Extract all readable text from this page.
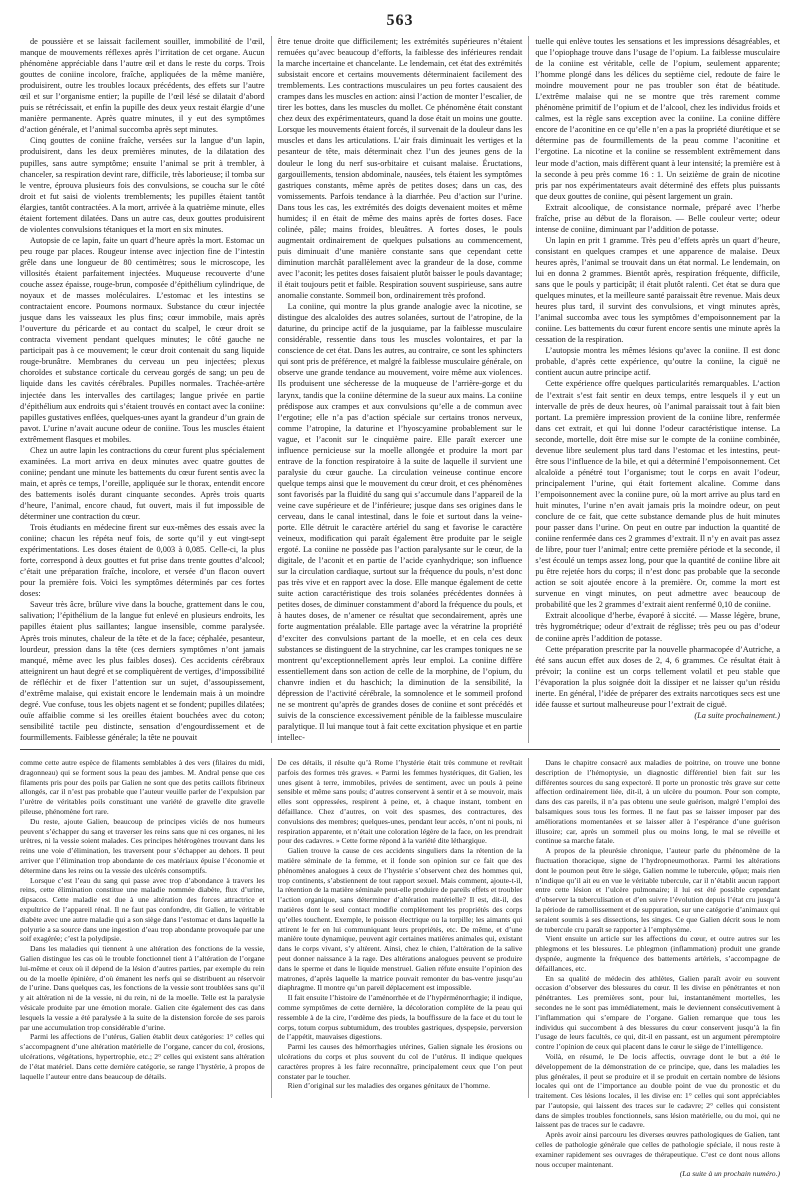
563

de poussière et se laissait facilement souiller, immobilité de l’œil, manque de mouvements réflexes après l’irritation de cet organe. Aucun phénomène appréciable dans l’autre œil et dans le reste du corps. Trois gouttes de coniine incolore, fraîche, appliquées de la même manière, produisirent, outre les troubles locaux précédents, des effets sur l’autre œil et sur l’organisme entier; la pupille de l’œil lésé se dilatait d’abord puis se rétrécissait, et enfin la pupille des deux yeux restait élargie d’une manière permanente. Après quatre minutes, il y eut des symptômes d’action générale, et l’animal succomba après sept minutes.

Cinq gouttes de coniine fraîche, versées sur la langue d’un lapin, produisirent, dans les deux premières minutes, de la dilatation des pupilles, sans autre symptôme; ensuite l’animal se prit à trembler, à chanceler, sa respiration devint rare, difficile, très laborieuse; il tomba sur le ventre, éprouva plusieurs fois des convulsions, se coucha sur le côté droit et fut saisi de violents tremblements; les pupilles étaient tantôt élargies, tantôt contractées. A la mort, arrivée à la quatrième minute, elles étaient fortement dilatées. Dans un autre cas, deux gouttes produisirent de violentes convulsions tétaniques et la mort en six minutes.

Autopsie de ce lapin, faite un quart d’heure après la mort. Estomac un peu rouge par places. Rougeur intense avec injection fine de l’intestin grêle dans une longueur de 80 centimètres; sous le microscope, les villosités étaient parfaitement injectées. Muqueuse recouverte d’une couche assez épaisse, rouge-brun, composée d’épithélium cylindrique, de noyaux et de masses moléculaires. L’estomac et les intestins se contractaient encore. Poumons normaux. Substance du cœur injectée jusque dans les vaisseaux les plus fins; cœur immobile, mais après l’ouverture du péricarde et au contact du scalpel, le cœur droit se contracta vivement pendant quelques minutes; le côté gauche ne participait pas à ce mouvement; le cœur droit contenait du sang liquide rouge-brunâtre. Membranes du cerveau un peu injectées; plexus choroïdes et substance corticale du cerveau gorgés de sang; un peu de liquide dans les cavités cérébrales. Pupilles normales. Trachée-artère injectée dans les intervalles des cartilages; langue privée en partie d’épithélium aux endroits qui s’étaient trouvés en contact avec la coniine: papilles gustatives enflées, quelques-unes ayant la grandeur d’un grain de pavot. L’urine n’avait aucune odeur de coniine. Tous les muscles étaient extrêmement flasques et mobiles.

Chez un autre lapin les contractions du cœur furent plus spécialement examinées. La mort arriva en deux minutes avec quatre gouttes de coniine; pendant une minute les battements du cœur furent sentis avec la main, et après ce temps, l’oreille, appliquée sur le thorax, entendit encore des battements isolés durant cinquante secondes. Après trois quarts d’heure, l’animal, encore chaud, fut ouvert, mais il fut impossible de déterminer une contraction du cœur.

Trois étudiants en médecine firent sur eux-mêmes des essais avec la coniine; chacun les répéta neuf fois, de sorte qu’il y eut vingt-sept expérimentations. Les doses étaient de 0,003 à 0,085. Celle-ci, la plus forte, correspond à deux gouttes et fut prise dans trente gouttes d’alcool; c’était une préparation fraîche, incolore, et versée d’un flacon ouvert pour la première fois. Voici les symptômes déterminés par ces fortes doses:

Saveur très âcre, brûlure vive dans la bouche, grattement dans le cou, salivation; l’épithélium de la langue fut enlevé en plusieurs endroits, les papilles étaient plus saillantes; langue insensible, comme paralysée. Après trois minutes, chaleur de la tête et de la face; céphalée, pesanteur, lourdeur, pression dans la tête (ces derniers symptômes n’ont jamais manqué, même avec les plus faibles doses). Ces accidents cérébraux atteignirent un haut degré et se compliquèrent de vertiges, d’impossibilité de réfléchir et de fixer l’attention sur un sujet, d’assoupissement, d’extrême malaise, qui existait encore le lendemain mais à un moindre degré. Vue confuse, tous les objets nagent et se fondent; pupilles dilatées; ouïe affaiblie comme si les oreilles étaient bouchées avec du coton; sensibilité tactile peu distincte, sensation d’engourdissement et de fourmillements. Faiblesse générale; la tête ne pouvait

être tenue droite que difficilement; les extrémités supérieures n’étaient remuées qu’avec beaucoup d’efforts, la faiblesse des inférieures rendait la marche incertaine et chancelante. Le lendemain, cet état des extrémités subsistait encore et certains mouvements déterminaient facilement des tremblements. Les contractions musculaires un peu fortes causaient des crampes dans les muscles en action: ainsi l’action de monter l’escalier, de tirer les bottes, dans les muscles du mollet. Ce phénomène était constant chez deux des expérimentateurs, quand la dose était un moins une goutte. Lorsque les mouvements étaient forcés, il survenait de la douleur dans les muscles et dans les articulations. L’air frais diminuait les vertiges et la pesanteur de tête, mais déterminait chez l’un des jeunes gens de la douleur le long du nerf sus-orbitaire et cuisant malaise. Éructations, gargouillements, tension abdominale, nausées, tels étaient les symptômes gastriques constants, même après de petites doses; dans un cas, des vomissements. Parfois tendance à la diarrhée. Peu d’action sur l’urine. Dans tous les cas, les extrémités des doigts devenaient moites et même humides; il en était de même des mains après de fortes doses. Face colinée, pâle; mains froides, bleuâtres. A fortes doses, le pouls augmentait ordinairement de quelques pulsations au commencement, puis diminuait d’une manière constante sans que cependant cette diminution marchât parallèlement avec la grandeur de la dose, comme avec l’aconit; les petites doses faisaient plutôt baisser le pouls davantage; il était toujours petit et faible. Respiration souvent suspirieuse, sans autre anomalie constante. Sommeil bon, ordinairement très profond.

La coniine, qui montre la plus grande analogie avec la nicotine, se distingue des alcaloïdes des autres solanées, surtout de l’atropine, de la daturine, du principe actif de la jusquiame, par la faiblesse musculaire considérable, ressentie dans tous les muscles volontaires, et par la conscience de cet état. Dans les autres, au contraire, ce sont les sphincters qui sont pris de préférence, et malgré la faiblesse musculaire générale, on observe une grande tendance au mouvement, voire même aux violences. Ils produisent une sécheresse de la muqueuse de l’arrière-gorge et du larynx, tandis que la coniine détermine de la sueur aux mains. La coniine prédispose aux crampes et aux convulsions qu’elle a de commun avec l’ergotine; elle n’a pas d’action spéciale sur certains tronos nerveux, comme l’atropine, la daturine et l’hyoscyamine probablement sur le vague, et l’aconit sur le cinquième paire. Elle paraît exercer une influence pernicieuse sur la moelle allongée et produire la mort par entrave de la fonction respiratoire à la suite de laquelle il survient une paralysie du cœur gauche. La circulation veineuse continue encore quelque temps ainsi que le mouvement du cœur droit, et ces phénomènes sont favorisés par la fluidité du sang qui s’accumule dans l’appareil de la veine cave supérieure et de l’inférieure; jusque dans ses origines dans le cerveau, dans le canal intestinal, dans le foie et surtout dans la veine-porte. Elle détruit le caractère artériel du sang et favorise le caractère veineux, modification qui paraît également être produite par le seigle ergoté. La coniine ne possède pas l’action paralysante sur le cœur, de la digitale, de l’aconit et en partie de l’acide cyanhydrique; son influence sur la circulation cardiaque, surtout sur la fréquence du pouls, n’est donc pas très vive et en rapport avec la dose. Elle manque également de cette suite action caractéristique des trois solanées précédentes données à petites doses, de diminuer constamment d’abord la fréquence du pouls, et à hautes doses, de n’amener ce résultat que secondairement, après une forte augmentation préalable. Elle partage avec la vératrine la propriété d’exciter des convulsions partant de la moelle, et en cela ces deux substances se distinguent de la strychnine, car les crampes toniques ne se montrent qu’exceptionnellement après leur emploi. La coniine diffère essentiellement dans son action de celle de la morphine, de l’opium, du chanvre indien et du haschich; la diminution de la sensibilité, la dépression de l’activité cérébrale, la somnolence et le sommeil profond ne se montrent qu’après de grandes doses de coniine et sont précédés et suivis de la conscience excessivement pénible de la faiblesse musculaire paralytique. Il lui manque tout à fait cette excitation physique et en partie intellec-

tuelle qui enlève toutes les sensations et les impressions désagréables, et que l’opiophage trouve dans l’usage de l’opium. La faiblesse musculaire de la coniine est véritable, celle de l’opium, seulement apparente; l’homme plongé dans les délices du septième ciel, redoute de faire le moindre mouvement pour ne pas troubler son état de béatitude. L’extrême malaise qui ne se montre que très rarement comme phénomène primitif de l’opium et de l’alcool, chez les individus froids et calmes, est la règle sans exception avec la coniine. La coniine diffère encore de l’aconitine en ce qu’elle n’en a pas la propriété diurétique et se détermine pas de fourmillements de la peau comme l’aconitine et l’ergotine. La nicotine et la coniine se ressemblent extrêmement dans leur mode d’action, mais diffèrent quant à leur intensité; la première est à la seconde à peu près comme 16 : 1. Un seizième de grain de nicotine pris par nos expérimentateurs avait déterminé des effets plus puissants que deux gouttes de coniine, qui pèsent largement un grain.

Extrait alcoolique, de consistance normale, préparé avec l’herbe fraîche, prise au début de la floraison. — Belle couleur verte; odeur intense de coniine, diminuant par l’addition de potasse.

Un lapin en prit 1 gramme. Très peu d’effets après un quart d’heure, consistant en quelques crampes et une apparence de malaise. Deux heures après, l’animal se trouvait dans un état normal. Le lendemain, on lui en donna 2 grammes. Bientôt après, respiration fréquente, difficile, sans que le pouls y participât; il était plutôt ralenti. Cet état se dura que quelques minutes, et la meilleure santé paraissait être revenue. Mais deux heures plus tard, il survint des convulsions, et vingt minutes après, l’animal succomba avec tous les symptômes d’empoisonnement par la coniine. Les battements du cœur furent encore sentis une minute après la cessation de la respiration.

L’autopsie montra les mêmes lésions qu’avec la coniine. Il est donc probable, d’après cette expérience, qu’outre la coniine, la ciguë ne contient aucun autre principe actif.

Cette expérience offre quelques particularités remarquables. L’action de l’extrait s’est fait sentir en deux temps, entre lesquels il y eut un intervalle de près de deux heures, où l’animal paraissait tout à fait bien portant. La première impression provient de la coniine libre, renfermée dans cet extrait, et qui lui donne l’odeur caractéristique intense. La seconde, mortelle, doit être mise sur le compte de la coniine combinée, devenue libre seulement plus tard dans l’estomac et les intestins, peut-être sous l’influence de la bile, et qui a déterminé l’empoisonnement. Cet alcaloïde a pénétré tout l’organisme; tout le corps en avait l’odeur, principalement l’urine, qui était fortement alcaline. Comme dans l’empoisonnement avec la coniine pure, où la mort arrive au plus tard en huit minutes, l’urine n’en avait jamais pris la moindre odeur, on peut conclure de ce fait, que cette substance demande plus de huit minutes pour passer dans l’urine. On peut en outre par induction la quantité de coniine renfermée dans ces 2 grammes d’extrait. Il n’y en avait pas assez de libre, pour tuer l’animal; entre cette première période et la seconde, il s’est écoulé un temps assez long, pour que la quantité de coniine libre ait pu être rejetée hors du corps; il n’est donc pas probable que la seconde action se soit ajoutée encore à la première. Or, comme la mort est survenue en vingt minutes, on peut admettre avec beaucoup de probabilité que les 2 grammes d’extrait aient renfermé 0,10 de coniine.

Extrait alcoolique d’herbe, évaporé à siccité. — Masse légère, brune, très hygrométrique; odeur d’extrait de réglisse; très peu ou pas d’odeur de coniine après l’addition de potasse.

Cette préparation prescrite par la nouvelle pharmacopée d’Autriche, a été sans aucun effet aux doses de 2, 4, 6 grammes. Ce résultat était à prévoir; la coniine est un corps tellement volatil et peu stable que l’évaporation la plus soignée doit la dissiper et ne laisser qu’un résidu inerte. En général, l’idée de préparer des extraits narcotiques secs est une idée fausse et surtout malheureuse pour l’extrait de ciguë.

(La suite prochainement.)

comme cette autre espèce de filaments semblables à des vers (filaires du midi, dragonneau) qui se forment sous la peau des jambes. M. Andral pense que ces filaments pris pour des poils par Galien ne sont que des petits caillots fibrineux allongés, car il n’est pas probable que l’auteur veuille parler de l’expulsion par l’urètre de véritables poils constituant une variété de gravelle dite gravelle pileuse, phénomène fort rare.

Du reste, ajoute Galien, beaucoup de principes viciés de nos humeurs peuvent s’échapper du sang et traverser les reins sans que ni ces organes, ni les urètres, ni la vessie soient malades. Ces principes hétérogènes trouvant dans les reins une voie d’élimination, les traversent pour s’échapper au dehors. Il peut arriver que l’élimination trop abondante de ces matériaux épuise l’économie et détermine dans les reins ou la vessie des ulcérés consomptifs.

Lorsque c’est l’eau du sang qui passe avec trop d’abondance à travers les reins, cette élimination constitue une maladie nommée diabète, flux d’urine, dipsacos. Cette maladie est due à une altération des forces attractrice et expultrice de l’appareil rénal. Il ne faut pas confondre, dit Galien, le véritable diabète avec une autre maladie qui a son siège dans l’estomac et dans laquelle la polyurie a sa source dans une ingestion d’eau trop abondante provoquée par une soif exagérée; c’est la polydipsie.

Dans les maladies qui tiennent à une altération des fonctions de la vessie, Galien distingue les cas où le trouble fonctionnel tient à l’altération de l’organe lui-même et ceux où il dépend de la lésion d’autres parties, par exemple du rein ou de la moelle épinière, d’où émanent les nerfs qui se distribuent au réservoir de l’urine. Dans quelques cas, les fonctions de la vessie sont troublées sans qu’il y ait altération ni de la vessie, ni du rein, ni de la moelle. Telle est la paralysie vésicale produite par une émotion morale. Galien cite également des cas dans lesquels la vessie a été paralysée à la suite de la distension forcée de ses parois par une accumulation trop considérable d’urine.

Parmi les affections de l’utérus, Galien établit deux catégories: 1° celles qui s’accompagnent d’une altération matérielle de l’organe, cancer du col, érosions, ulcérations, végétations, hypertrophie, etc.; 2° celles qui existent sans altération de l’état matériel. Dans cette dernière catégorie, se range l’hystérie, à propos de laquelle l’auteur entre dans beaucoup de détails.

De ces détails, il résulte qu’à Rome l’hystérie était très commune et revêtait parfois des formes très graves. « Parmi les femmes hystériques, dit Galien, les unes gisent à terre, immobiles, privées de sentiment, avec un pouls à peine sensible et même sans pouls; d’autres conservent à sentir et à se mouvoir, mais elles sont oppressées, respirent à peine, et, à chaque instant, tombent en défaillance. Chez d’autres, on voit des spasmes, des contractures, des convulsions des membres; quelques-unes, pendant leur accès, n’ont ni pouls, ni respiration apparente, et n’était une coloration légère de la face, on les prendrait pour des cadavres. » Cette forme répond à la variété dite léthargique.

Galien trouve la cause de ces accidents singuliers dans la rétention de la matière séminale de la femme, et il fonde son opinion sur ce fait que des phénomènes analogues à ceux de l’hystérie s’observent chez des hommes qui, trop continents, s’abstiennent de tout rapport sexuel. Mais comment, ajoute-t-il, la rétention de la matière séminale peut-elle produire de pareils effets et troubler l’action organique, sans déterminer d’altération matérielle? Il est, dit-il, des matières dont le seul contact modifie complètement les propriétés des corps qu’elles touchent. Exemple, le poisson électrique ou la torpille; les aimants qui attirent le fer en lui communiquant leurs propriétés, etc. De même, et d’une manière toute dynamique, peuvent agir certaines matières animales qui, existant dans le corps vivant, s’y altèrent. Ainsi, chez le chien, l’altération de la salive peut donner naissance à la rage. Des altérations analogues peuvent se produire dans le sperme et dans le liquide menstruel. Galien réfute ensuite l’opinion des matrones, d’après laquelle la matrice pouvait remonter du bas-ventre jusqu’au diaphragme. Il montre qu’un pareil déplacement est impossible.

Il fait ensuite l’histoire de l’aménorrhée et de l’hypérménorrhagie; il indique, comme symptômes de cette dernière, la décoloration complète de la peau qui ressemble à de la cire, l’œdème des pieds, la bouffissure de la face et du tout le corps, totum corpus subtumidum, des troubles gastriques, dyspepsie, perversion de l’appétit, mauvaises digestions.

Parmi les causes des hémorrhagies utérines, Galien signale les érosions ou ulcérations du corps et plus souvent du col de l’utérus. Il indique quelques caractères propres à les faire reconnaître, principalement ceux que l’on peut constater par le toucher.

Rien d’original sur les maladies des organes génitaux de l’homme.

Dans le chapitre consacré aux maladies de poitrine, on trouve une bonne description de l’hémoptysie, un diagnostic différentiel bien fait sur les différentes sources du sang expectoré. Il porte un pronostic très grave sur cette affection ordinairement liée, dit-il, à un ulcère du poumon. Pour son compte, dans des cas pareils, il n’a pas obtenu une seule guérison, malgré l’emploi des balsamiques sous tous les formes. Il ne faut pas se laisser imposer par des améliorations momentanées et se laisser aller à l’espérance d’une guérison illusoire; car, après un sommeil plus ou moins long, le mal se réveille et continue sa marche fatale.

A propos de la pleurésie chronique, l’auteur parle du phénomène de la fluctuation thoracique, signe de l’hydropneumothorax. Parmi les altérations dont le poumon peut être le siège, Galien nomme le tubercule, φῦμα; mais rien n’indique qu’il ait eu en vue le véritable tubercule, car il n’établit aucun rapport entre cette lésion et l’ulcère pulmonaire; il lui est été possible cependant d’observer la tuberculisation et d’en suivre l’évolution depuis l’état cru jusqu’à la période de ramollissement et de suppuration, sur une catégorie d’animaux qui seraient soumis à ses dissections, les singes. Ce que Galien décrit sous le nom de tubercule cru paraît se rapporter à l’emphysème.

Vient ensuite un article sur les affections du cœur, et outre autres sur les phlegmons et les blessures. Le phlegmon (inflammation) produit une grande dyspnée, augmente la fréquence des battements artériels, s’accompagne de défaillances, etc.

En sa qualité de médecin des athlètes, Galien paraît avoir eu souvent occasion d’observer des blessures du cœur. Il les divise en pénétrantes et non pénétrantes. Les premières sont, pour lui, instantanément mortelles, les secondes ne le sont pas immédiatement, mais le deviennent consécutivement à l’inflammation qui s’empare de l’organe. Galien remarque que tous les individus qui succombent à des blessures du cœur conservent jusqu’à la fin l’usage de leurs facultés, ce qui, dit-il en passant, est un argument péremptoire contre l’opinion de ceux qui placent dans le cœur le siège de l’intelligence.

Voilà, en résumé, le De locis affectis, ouvrage dont le but a été le développement de la démonstration de ce principe, que, dans les maladies les plus générales, il peut se produire et il se produit en certain nombre de lésions locales qui ont de l’importance au double point de vue du pronostic et du traitement. Ces lésions locales, il les divise en: 1° celles qui sont appréciables par l’autopsie, qui laissent des traces sur le cadavre; 2° celles qui consistent dans de simples troubles fonctionnels, sans lésion matérielle, ou du moi, qui ne laissent pas de traces sur le cadavre.

Après avoir ainsi parcouru les diverses œuvres pathologiques de Galien, tant celles de pathologie générale que celles de pathologie spéciale, il nous reste à examiner rapidement ses ouvrages de thérapeutique. C’est ce dont nous allons nous occuper maintenant.

(La suite à un prochain numéro.)
